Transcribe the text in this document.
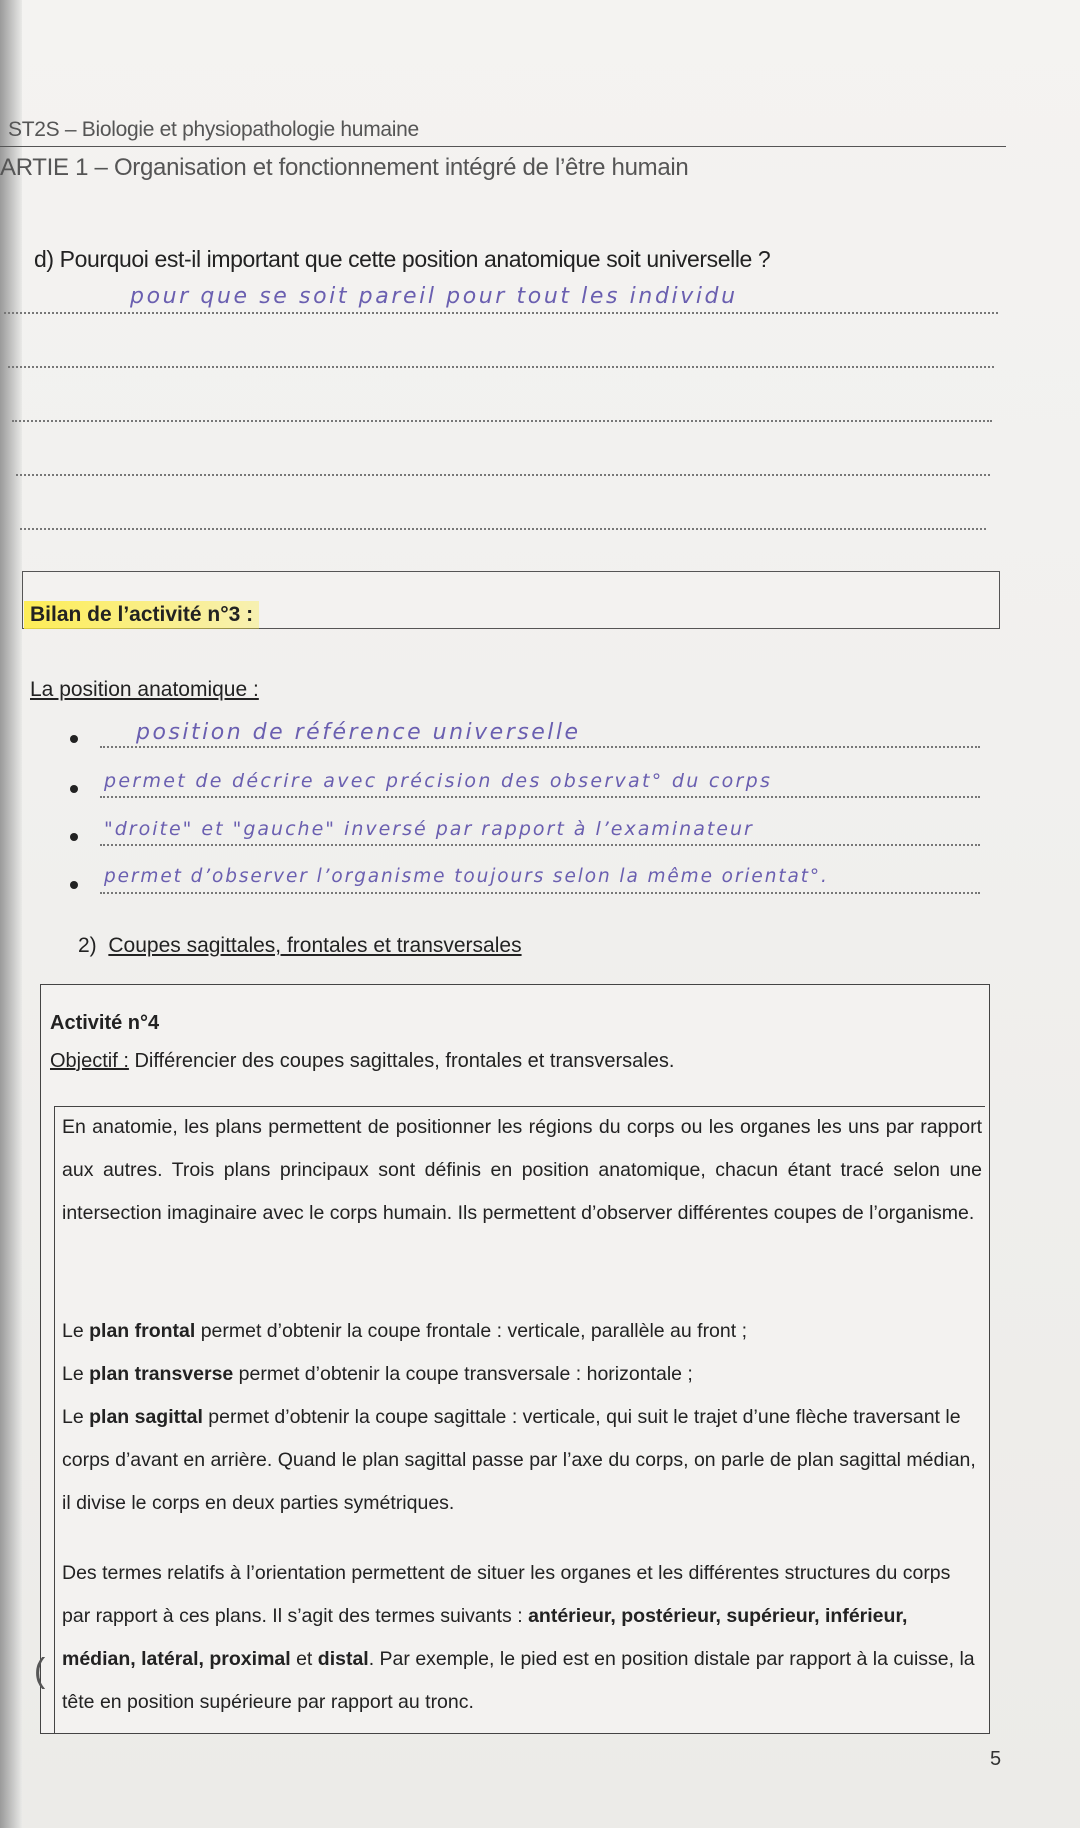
ST2S – Biologie et physiopathologie humaine
ARTIE 1 – Organisation et fonctionnement intégré de l’être humain
d) Pourquoi est-il important que cette position anatomique soit universelle ?
pour que se soit pareil pour tout les individu
Bilan de l’activité n°3 :
La position anatomique :
position de référence universelle
permet de décrire avec précision des observat° du corps
"droite" et "gauche" inversé par rapport à l’examinateur
permet d’observer l’organisme toujours selon la même orientat°.
2) Coupes sagittales, frontales et transversales
Activité n°4
Objectif : Différencier des coupes sagittales, frontales et transversales.
En anatomie, les plans permettent de positionner les régions du corps ou les organes les uns par rapport aux autres. Trois plans principaux sont définis en position anatomique, chacun étant tracé selon une intersection imaginaire avec le corps humain. Ils permettent d’observer différentes coupes de l’organisme.
Le plan frontal permet d’obtenir la coupe frontale : verticale, parallèle au front ;
Le plan transverse permet d’obtenir la coupe transversale : horizontale ;
Le plan sagittal permet d’obtenir la coupe sagittale : verticale, qui suit le trajet d’une flèche traversant le corps d’avant en arrière. Quand le plan sagittal passe par l’axe du corps, on parle de plan sagittal médian, il divise le corps en deux parties symétriques.
Des termes relatifs à l’orientation permettent de situer les organes et les différentes structures du corps par rapport à ces plans. Il s’agit des termes suivants : antérieur, postérieur, supérieur, inférieur, médian, latéral, proximal et distal. Par exemple, le pied est en position distale par rapport à la cuisse, la tête en position supérieure par rapport au tronc.
(
5
